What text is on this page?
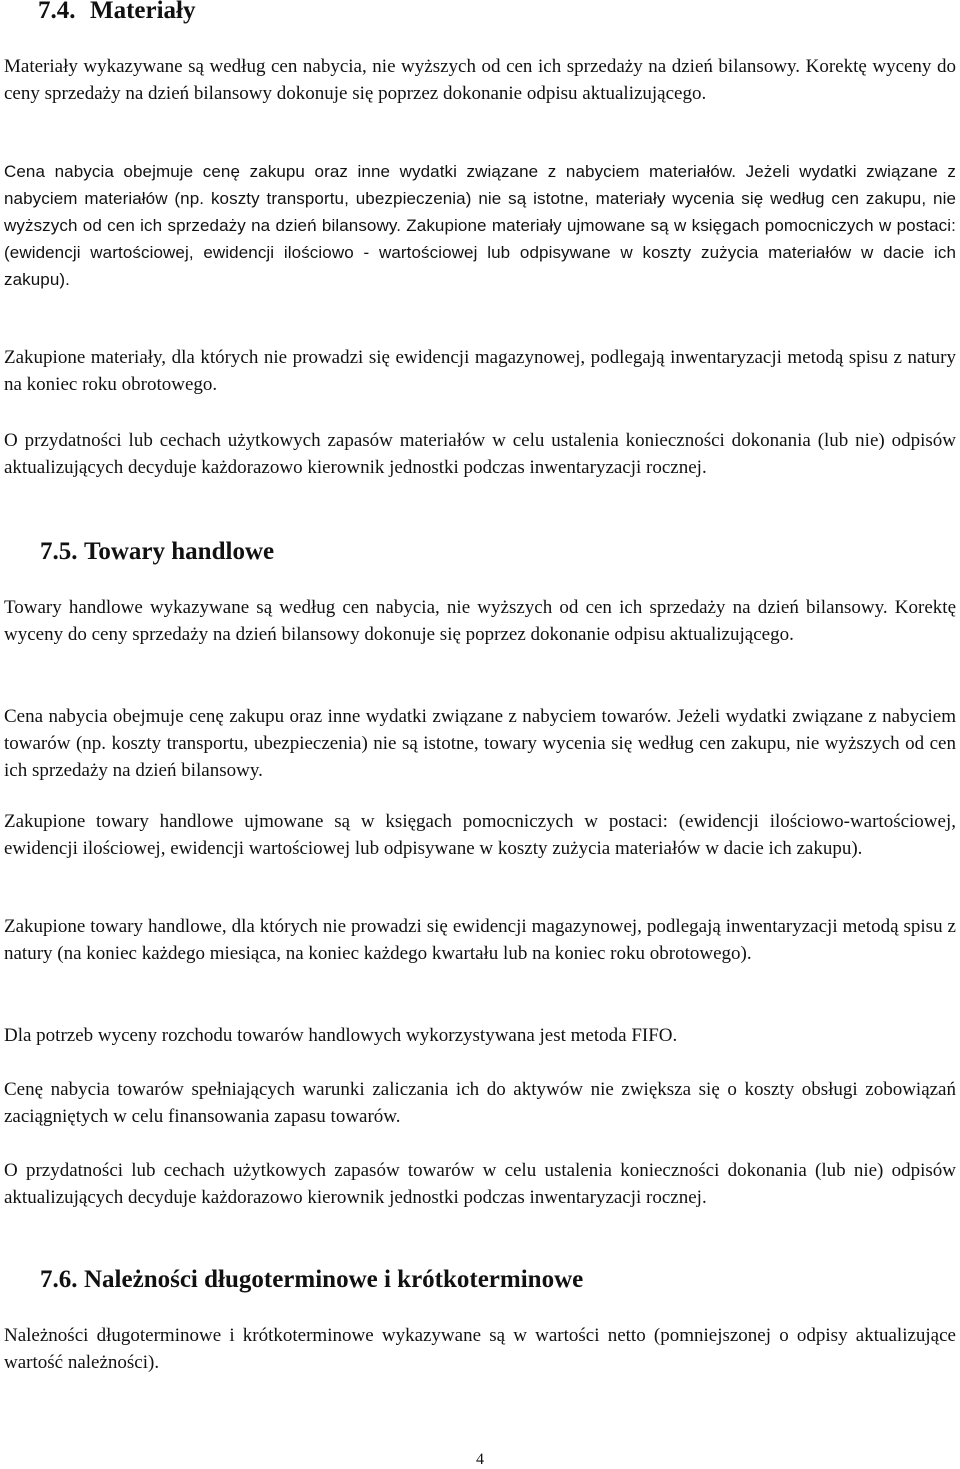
7.4. Materiały

Materiały wykazywane są według cen nabycia, nie wyższych od cen ich sprzedaży na dzień bilansowy. Korektę wyceny do ceny sprzedaży na dzień bilansowy dokonuje się poprzez dokonanie odpisu aktualizującego.

Cena nabycia obejmuje cenę zakupu oraz inne wydatki związane z nabyciem materiałów. Jeżeli wydatki związane z nabyciem materiałów (np. koszty transportu, ubezpieczenia) nie są istotne, materiały wycenia się według cen zakupu, nie wyższych od cen ich sprzedaży na dzień bilansowy. Zakupione materiały ujmowane są w księgach pomocniczych w postaci: (ewidencji wartościowej, ewidencji ilościowo - wartościowej lub odpisywane w koszty zużycia materiałów w dacie ich zakupu).

Zakupione materiały, dla których nie prowadzi się ewidencji magazynowej, podlegają inwentaryzacji metodą spisu z natury na koniec roku obrotowego.

O przydatności lub cechach użytkowych zapasów materiałów w celu ustalenia konieczności dokonania (lub nie) odpisów aktualizujących decyduje każdorazowo kierownik jednostki podczas inwentaryzacji rocznej.

7.5. Towary handlowe

Towary handlowe wykazywane są według cen nabycia, nie wyższych od cen ich sprzedaży na dzień bilansowy. Korektę wyceny do ceny sprzedaży na dzień bilansowy dokonuje się poprzez dokonanie odpisu aktualizującego.

Cena nabycia obejmuje cenę zakupu oraz inne wydatki związane z nabyciem towarów. Jeżeli wydatki związane z nabyciem towarów (np. koszty transportu, ubezpieczenia) nie są istotne, towary wycenia się według cen zakupu, nie wyższych od cen ich sprzedaży na dzień bilansowy.

Zakupione towary handlowe ujmowane są w księgach pomocniczych w postaci: (ewidencji ilościowo-wartościowej, ewidencji ilościowej, ewidencji wartościowej lub odpisywane w koszty zużycia materiałów w dacie ich zakupu).

Zakupione towary handlowe, dla których nie prowadzi się ewidencji magazynowej, podlegają inwentaryzacji metodą spisu z natury (na koniec każdego miesiąca, na koniec każdego kwartału lub na koniec roku obrotowego).

Dla potrzeb wyceny rozchodu towarów handlowych wykorzystywana jest metoda FIFO.

Cenę nabycia towarów spełniających warunki zaliczania ich do aktywów nie zwiększa się o koszty obsługi zobowiązań zaciągniętych w celu finansowania zapasu towarów.

O przydatności lub cechach użytkowych zapasów towarów w celu ustalenia konieczności dokonania (lub nie) odpisów aktualizujących decyduje każdorazowo kierownik jednostki podczas inwentaryzacji rocznej.

7.6. Należności długoterminowe i krótkoterminowe

Należności długoterminowe i krótkoterminowe wykazywane są w wartości netto (pomniejszonej o odpisy aktualizujące wartość należności).

4
